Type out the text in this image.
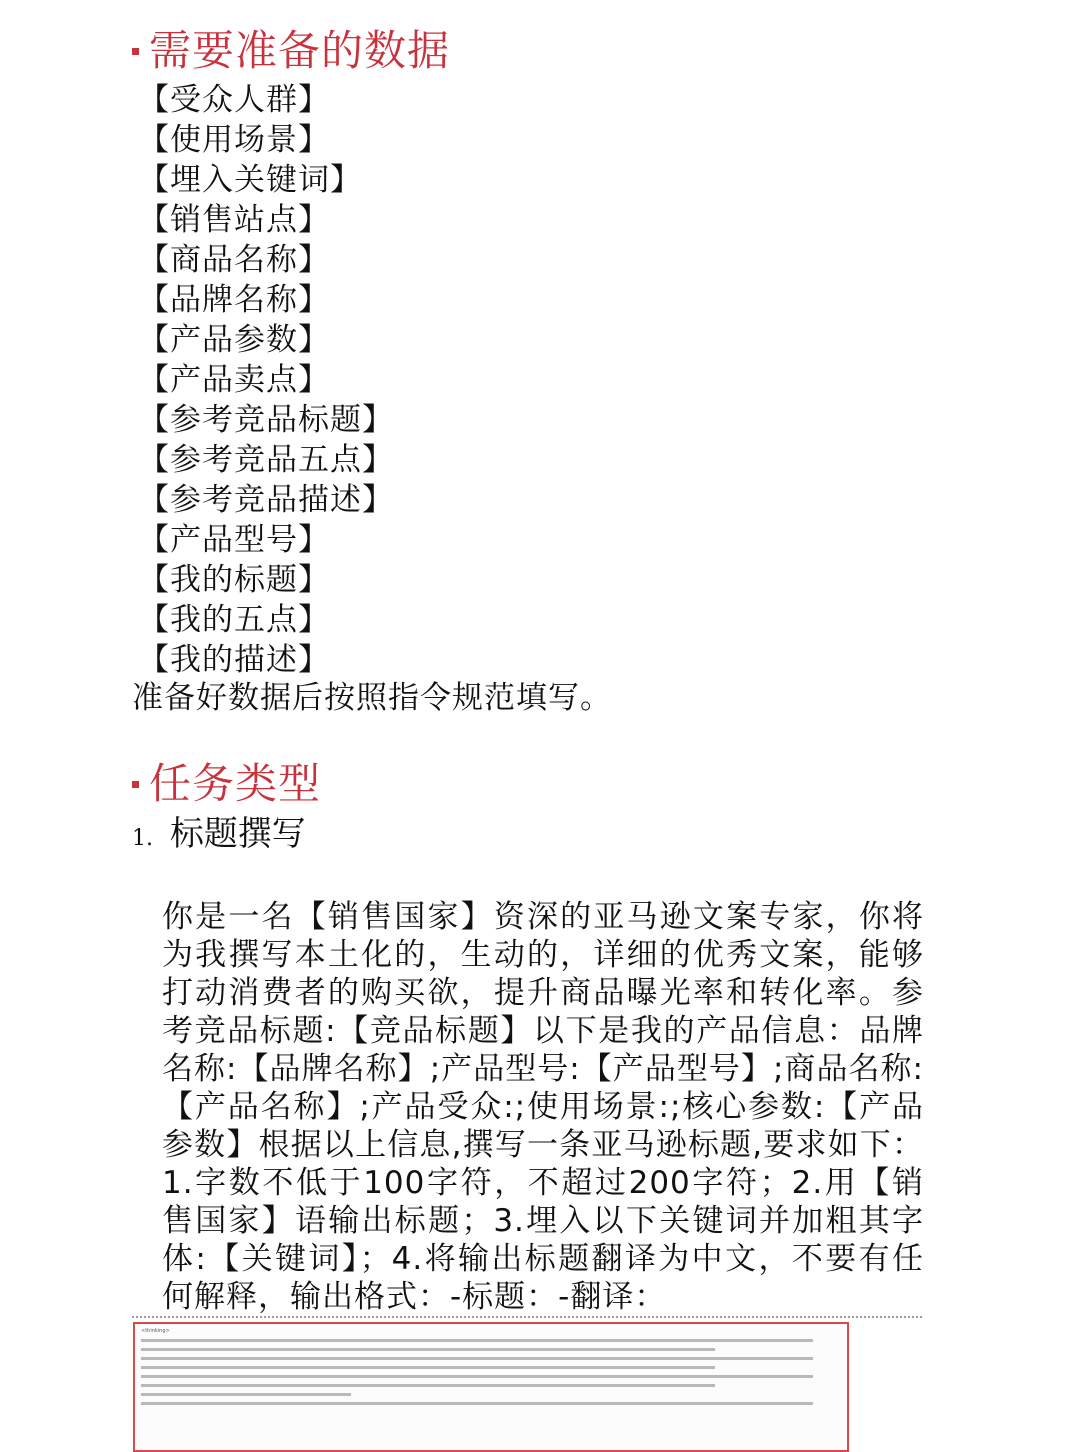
需要准备的数据
【受众人群】
【使用场景】
【埋入关键词】
【销售站点】
【商品名称】
【品牌名称】
【产品参数】
【产品卖点】
【参考竞品标题】
【参考竞品五点】
【参考竞品描述】
【产品型号】
【我的标题】
【我的五点】
【我的描述】
准备好数据后按照指令规范填写。
任务类型
1. 标题撰写
你是一名【销售国家】资深的亚马逊文案专家，你将为我撰写本土化的，生动的，详细的优秀文案，能够打动消费者的购买欲，提升商品曝光率和转化率。参考竞品标题:【竞品标题】以下是我的产品信息：品牌名称:【品牌名称】;产品型号:【产品型号】;商品名称:【产品名称】;产品受众:;使用场景:;核心参数:【产品参数】根据以上信息,撰写一条亚马逊标题,要求如下： 1.字数不低于100字符，不超过200字符；2.用【销售国家】语输出标题；3.埋入以下关键词并加粗其字体:【关键词】；4.将输出标题翻译为中文，不要有任何解释，输出格式：-标题：-翻译：
<thinking>
